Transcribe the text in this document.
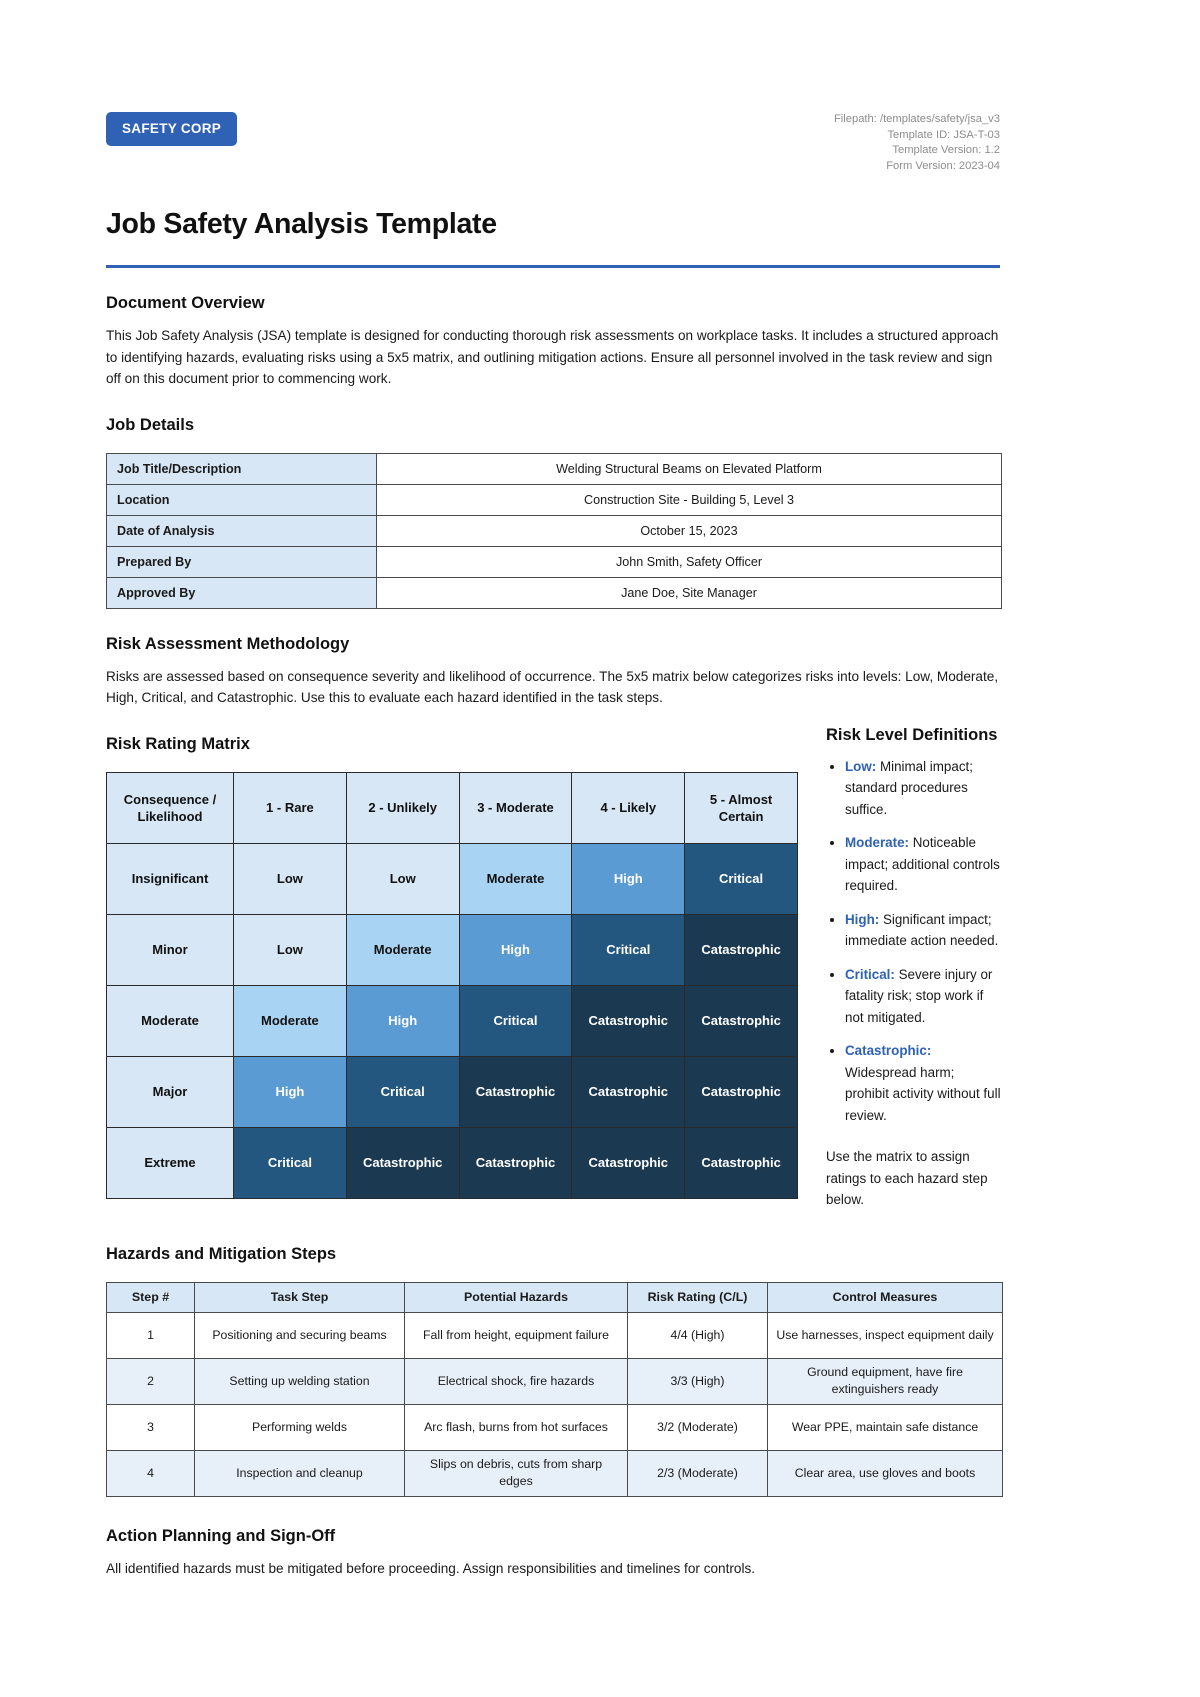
SAFETY CORP
Filepath: /templates/safety/jsa_v3
Template ID: JSA-T-03
Template Version: 1.2
Form Version: 2023-04
Job Safety Analysis Template
Document Overview

This Job Safety Analysis (JSA) template is designed for conducting thorough risk assessments on workplace tasks. It includes a structured approach to identifying hazards, evaluating risks using a 5x5 matrix, and outlining mitigation actions. Ensure all personnel involved in the task review and sign off on this document prior to commencing work.

Job Details
Job Title/Description	Welding Structural Beams on Elevated Platform
Location	Construction Site - Building 5, Level 3
Date of Analysis	October 15, 2023
Prepared By	John Smith, Safety Officer
Approved By	Jane Doe, Site Manager
Risk Assessment Methodology

Risks are assessed based on consequence severity and likelihood of occurrence. The 5x5 matrix below categorizes risks into levels: Low, Moderate, High, Critical, and Catastrophic. Use this to evaluate each hazard identified in the task steps.

Risk Rating Matrix
Consequence / Likelihood	1 - Rare	2 - Unlikely	3 - Moderate	4 - Likely	5 - Almost Certain
Insignificant	Low	Low	Moderate	High	Critical
Minor	Low	Moderate	High	Critical	Catastrophic
Moderate	Moderate	High	Critical	Catastrophic	Catastrophic
Major	High	Critical	Catastrophic	Catastrophic	Catastrophic
Extreme	Critical	Catastrophic	Catastrophic	Catastrophic	Catastrophic
Risk Level Definitions
• Low: Minimal impact; standard procedures suffice.
• Moderate: Noticeable impact; additional controls required.
• High: Significant impact; immediate action needed.
• Critical: Severe injury or fatality risk; stop work if not mitigated.
• Catastrophic: Widespread harm; prohibit activity without full review.

Use the matrix to assign ratings to each hazard step below.

Hazards and Mitigation Steps
Step #	Task Step	Potential Hazards	Risk Rating (C/L)	Control Measures
1	Positioning and securing beams	Fall from height, equipment failure	4/4 (High)	Use harnesses, inspect equipment daily
2	Setting up welding station	Electrical shock, fire hazards	3/3 (High)	Ground equipment, have fire extinguishers ready
3	Performing welds	Arc flash, burns from hot surfaces	3/2 (Moderate)	Wear PPE, maintain safe distance
4	Inspection and cleanup	Slips on debris, cuts from sharp edges	2/3 (Moderate)	Clear area, use gloves and boots
Action Planning and Sign-Off

All identified hazards must be mitigated before proceeding. Assign responsibilities and timelines for controls.
